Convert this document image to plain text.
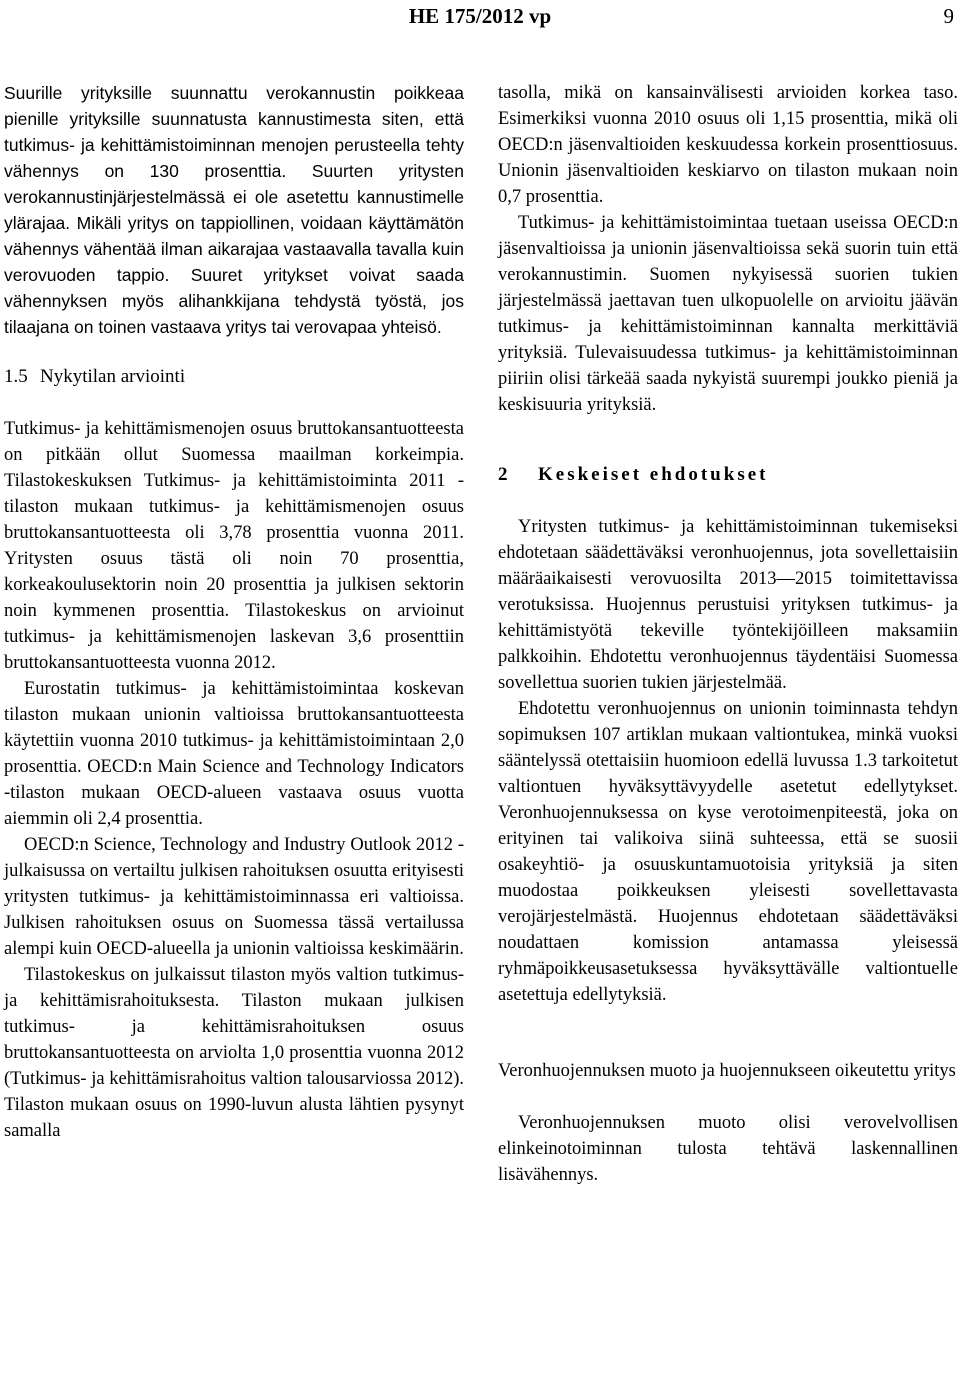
HE 175/2012 vp	9

Suurille yrityksille suunnattu verokannustin poikkeaa pienille yrityksille suunnatusta kannustimesta siten, että tutkimus- ja kehittämistoiminnan menojen perusteella tehty vähennys on 130 prosenttia. Suurten yritysten verokannustinjärjestelmässä ei ole asetettu kannustimelle ylärajaa. Mikäli yritys on tappiollinen, voidaan käyttämätön vähennys vähentää ilman aikarajaa vastaavalla tavalla kuin verovuoden tappio. Suuret yritykset voivat saada vähennyksen myös alihankkijana tehdystä työstä, jos tilaajana on toinen vastaava yritys tai verovapaa yhteisö.

1.5 Nykytilan arviointi

Tutkimus- ja kehittämismenojen osuus bruttokansantuotteesta on pitkään ollut Suomessa maailman korkeimpia. Tilastokeskuksen Tutkimus- ja kehittämistoiminta 2011 -tilaston mukaan tutkimus- ja kehittämismenojen osuus bruttokansantuotteesta oli 3,78 prosenttia vuonna 2011. Yritysten osuus tästä oli noin 70 prosenttia, korkeakoulusektorin noin 20 prosenttia ja julkisen sektorin noin kymmenen prosenttia. Tilastokeskus on arvioinut tutkimus- ja kehittämismenojen laskevan 3,6 prosenttiin bruttokansantuotteesta vuonna 2012.

Eurostatin tutkimus- ja kehittämistoimintaa koskevan tilaston mukaan unionin valtioissa bruttokansantuotteesta käytettiin vuonna 2010 tutkimus- ja kehittämistoimintaan 2,0 prosenttia. OECD:n Main Science and Technology Indicators -tilaston mukaan OECD-alueen vastaava osuus vuotta aiemmin oli 2,4 prosenttia.

OECD:n Science, Technology and Industry Outlook 2012 -julkaisussa on vertailtu julkisen rahoituksen osuutta erityisesti yritysten tutkimus- ja kehittämistoiminnassa eri valtioissa. Julkisen rahoituksen osuus on Suomessa tässä vertailussa alempi kuin OECD-alueella ja unionin valtioissa keskimäärin.

Tilastokeskus on julkaissut tilaston myös valtion tutkimus- ja kehittämisrahoituksesta. Tilaston mukaan julkisen tutkimus- ja kehittämisrahoituksen osuus bruttokansantuotteesta on arviolta 1,0 prosenttia vuonna 2012 (Tutkimus- ja kehittämisrahoitus valtion talousarviossa 2012). Tilaston mukaan osuus on 1990-luvun alusta lähtien pysynyt samalla

tasolla, mikä on kansainvälisesti arvioiden korkea taso. Esimerkiksi vuonna 2010 osuus oli 1,15 prosenttia, mikä oli OECD:n jäsenvaltioiden keskuudessa korkein prosenttiosuus. Unionin jäsenvaltioiden keskiarvo on tilaston mukaan noin 0,7 prosenttia.

Tutkimus- ja kehittämistoimintaa tuetaan useissa OECD:n jäsenvaltioissa ja unionin jäsenvaltioissa sekä suorin tuin että verokannustimin. Suomen nykyisessä suorien tukien järjestelmässä jaettavan tuen ulkopuolelle on arvioitu jäävän tutkimus- ja kehittämistoiminnan kannalta merkittäviä yrityksiä. Tulevaisuudessa tutkimus- ja kehittämistoiminnan piiriin olisi tärkeää saada nykyistä suurempi joukko pieniä ja keskisuuria yrityksiä.

2 Keskeiset ehdotukset

Yritysten tutkimus- ja kehittämistoiminnan tukemiseksi ehdotetaan säädettäväksi veronhuojennus, jota sovellettaisiin määräaikaisesti verovuosilta 2013—2015 toimitettavissa verotuksissa. Huojennus perustuisi yrityksen tutkimus- ja kehittämistyötä tekeville työntekijöilleen maksamiin palkkoihin. Ehdotettu veronhuojennus täydentäisi Suomessa sovellettua suorien tukien järjestelmää.

Ehdotettu veronhuojennus on unionin toiminnasta tehdyn sopimuksen 107 artiklan mukaan valtiontukea, minkä vuoksi sääntelyssä otettaisiin huomioon edellä luvussa 1.3 tarkoitetut valtiontuen hyväksyttävyydelle asetetut edellytykset. Veronhuojennuksessa on kyse verotoimenpiteestä, joka on erityinen tai valikoiva siinä suhteessa, että se suosii osakeyhtiö- ja osuuskuntamuotoisia yrityksiä ja siten muodostaa poikkeuksen yleisesti sovellettavasta verojärjestelmästä. Huojennus ehdotetaan säädettäväksi noudattaen komission antamassa yleisessä ryhmäpoikkeusasetuksessa hyväksyttävälle valtiontuelle asetettuja edellytyksiä.

Veronhuojennuksen muoto ja huojennukseen oikeutettu yritys

Veronhuojennuksen muoto olisi verovelvollisen elinkeinotoiminnan tulosta tehtävä laskennallinen lisävähennys.
